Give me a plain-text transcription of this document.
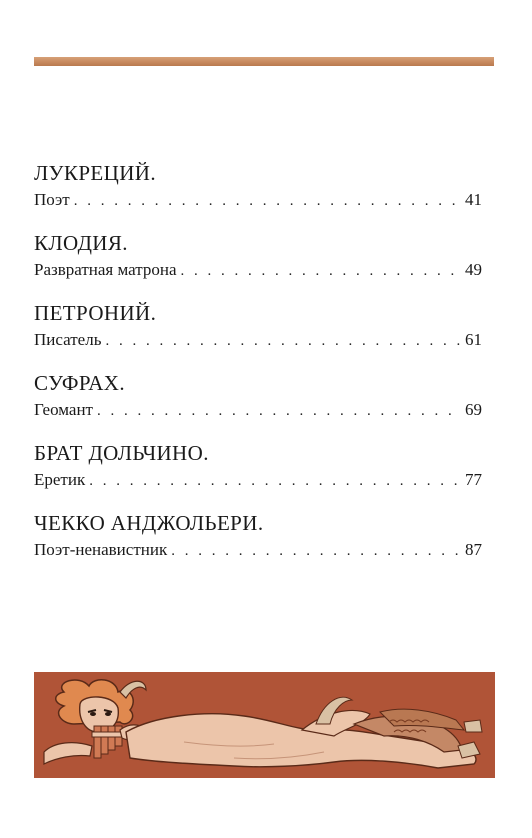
ЛУКРЕЦИЙ.
Поэт . . .	41
КЛОДИЯ.
Развратная матрона . . .	49
ПЕТРОНИЙ.
Писатель . . .	61
СУФРАХ.
Геомант . . .	69
БРАТ ДОЛЬЧИНО.
Еретик . . .	77
ЧЕККО АНДЖОЛЬЕРИ.
Поэт-ненавистник . . .	87
